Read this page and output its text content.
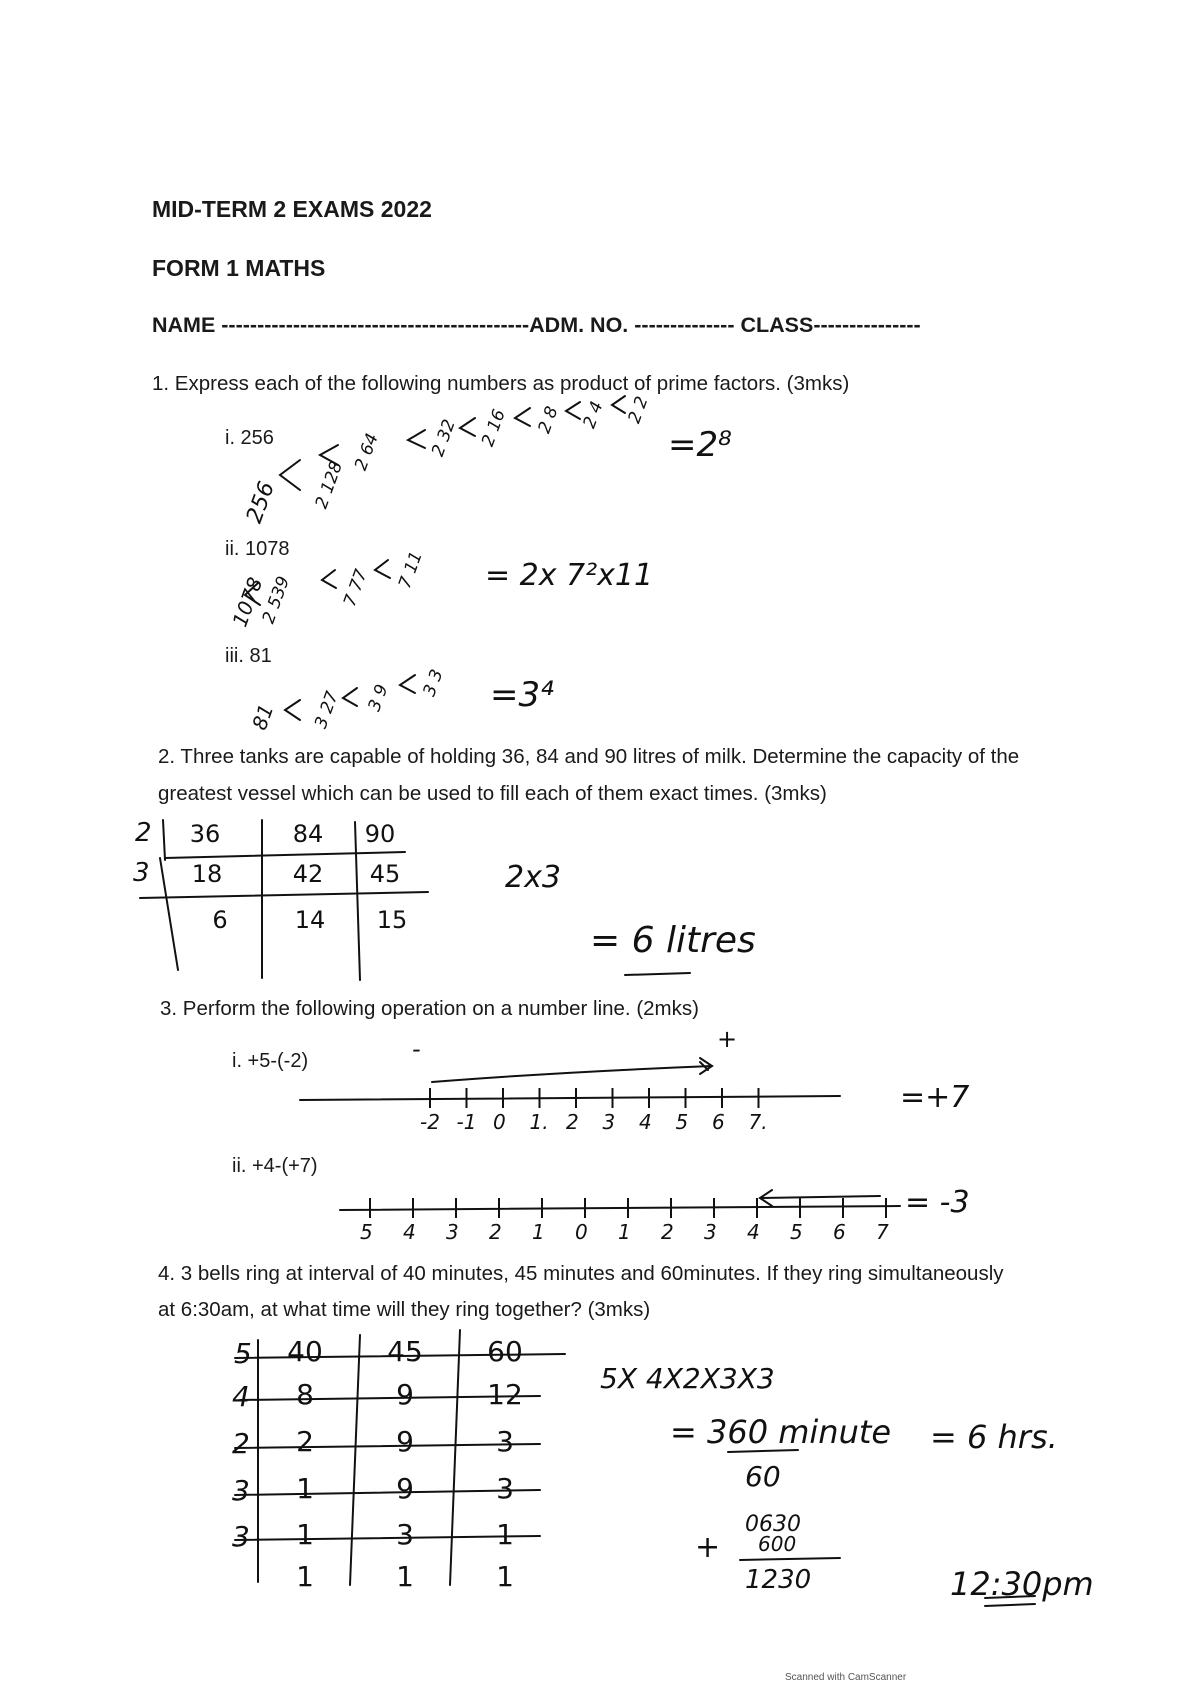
MID-TERM 2 EXAMS 2022
FORM 1 MATHS
NAME -------------------------------------------ADM. NO. -------------- CLASS---------------
1. Express each of the following numbers as product of prime factors. (3mks)
i. 256
256	2 128
2 64	2 32 2 16 2 8 2 4 2 2
=2⁸
ii. 1078
1078
2 539	7 77 7 11 = 2x 7²x11
iii. 81
81 3 27 3 9 3 3 =3⁴
2. Three tanks are capable of holding 36, 84 and 90 litres of milk. Determine the capacity of the
greatest vessel which can be used to fill each of them exact times. (3mks)
2
3
36	84	90
18	42	45
6	14	15
2x3
= 6 litres
3. Perform the following operation on a number line. (2mks)
i. +5-(-2)	-	+
-2 -1 0 1. 2 3 4 5 6 7.
=+7
ii. +4-(+7)
5 4 3 2 1 0 1 2 3 4 5 6 7
= -3
4. 3 bells ring at interval of 40 minutes, 45 minutes and 60minutes. If they ring simultaneously
at 6:30am, at what time will they ring together? (3mks)
40	45	60
8	9	12
2	9	3
1	9	3
1	3	1
1	1	1
5
4
2
3
3
5X 4X2X3X3
= 360 minute
60
= 6 hrs.
0630
600
+
1230	12:30pm
Scanned with CamScanner
